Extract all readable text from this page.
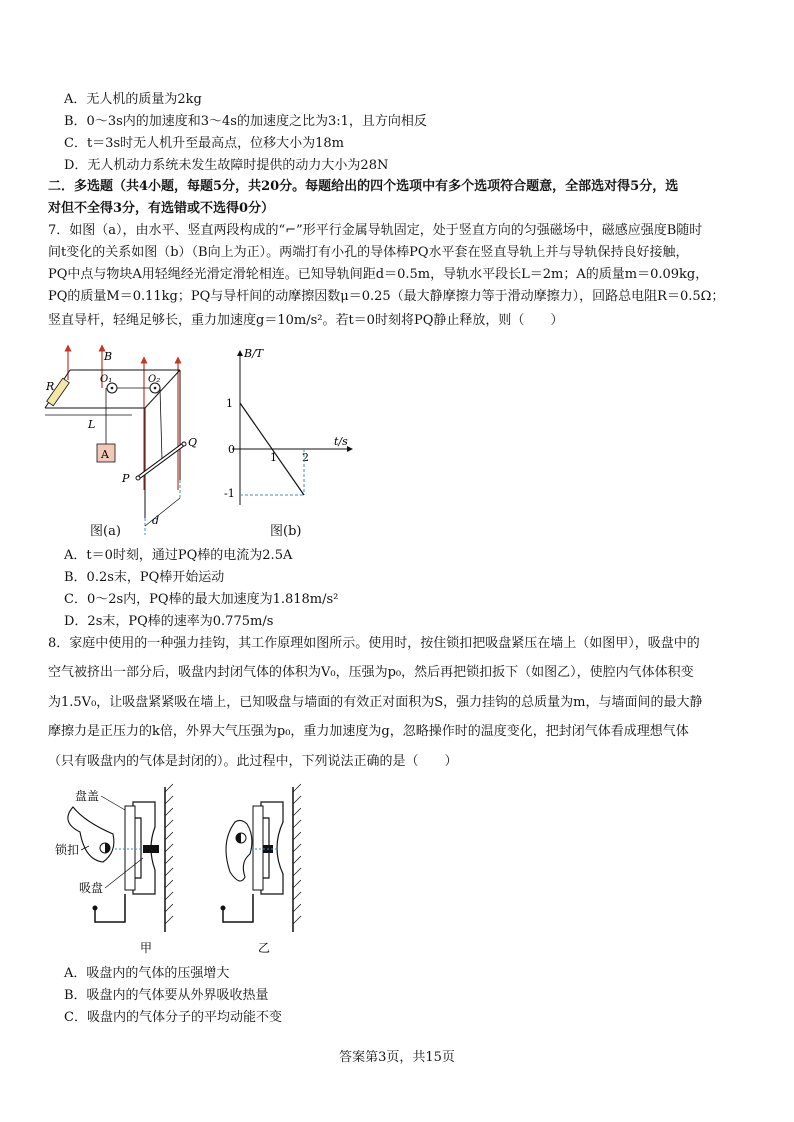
A．无人机的质量为2kg
B．0～3s内的加速度和3～4s的加速度之比为3:1，且方向相反
C．t＝3s时无人机升至最高点，位移大小为18m
D．无人机动力系统未发生故障时提供的动力大小为28N
二．多选题（共4小题，每题5分，共20分。每题给出的四个选项中有多个选项符合题意，全部选对得5分，选
对但不全得3分，有选错或不选得0分）
7．如图（a），由水平、竖直两段构成的“⌐”形平行金属导轨固定，处于竖直方向的匀强磁场中，磁感应强度B随时
间t变化的关系如图（b）（B向上为正）。两端打有小孔的导体棒PQ水平套在竖直导轨上并与导轨保持良好接触，
PQ中点与物块A用轻绳经光滑定滑轮相连。已知导轨间距d＝0.5m，导轨水平段长L＝2m；A的质量m＝0.09kg，
PQ的质量M＝0.11kg；PQ与导杆间的动摩擦因数μ＝0.25（最大静摩擦力等于滑动摩擦力），回路总电阻R＝0.5Ω；
竖直导杆，轻绳足够长，重力加速度g＝10m/s²。若t＝0时刻将PQ静止释放，则（　　）
B
R
O₁	O₂
L
A
P
Q
d
图(a)
B/T
t/s
0
1
-1
1 2
图(b)
A．t＝0时刻，通过PQ棒的电流为2.5A
B．0.2s末，PQ棒开始运动
C．0～2s内，PQ棒的最大加速度为1.818m/s²
D．2s末，PQ棒的速率为0.775m/s
8．家庭中使用的一种强力挂钩，其工作原理如图所示。使用时，按住锁扣把吸盘紧压在墙上（如图甲），吸盘中的
空气被挤出一部分后，吸盘内封闭气体的体积为V₀，压强为p₀，然后再把锁扣扳下（如图乙），使腔内气体体积变
为1.5V₀，让吸盘紧紧吸在墙上，已知吸盘与墙面的有效正对面积为S，强力挂钩的总质量为m，与墙面间的最大静
摩擦力是正压力的k倍，外界大气压强为p₀，重力加速度为g，忽略操作时的温度变化，把封闭气体看成理想气体
（只有吸盘内的气体是封闭的）。此过程中，下列说法正确的是（　　）
盘盖
锁扣
吸盘
甲	乙
A．吸盘内的气体的压强增大
B．吸盘内的气体要从外界吸收热量
C．吸盘内的气体分子的平均动能不变
答案第3页，共15页
